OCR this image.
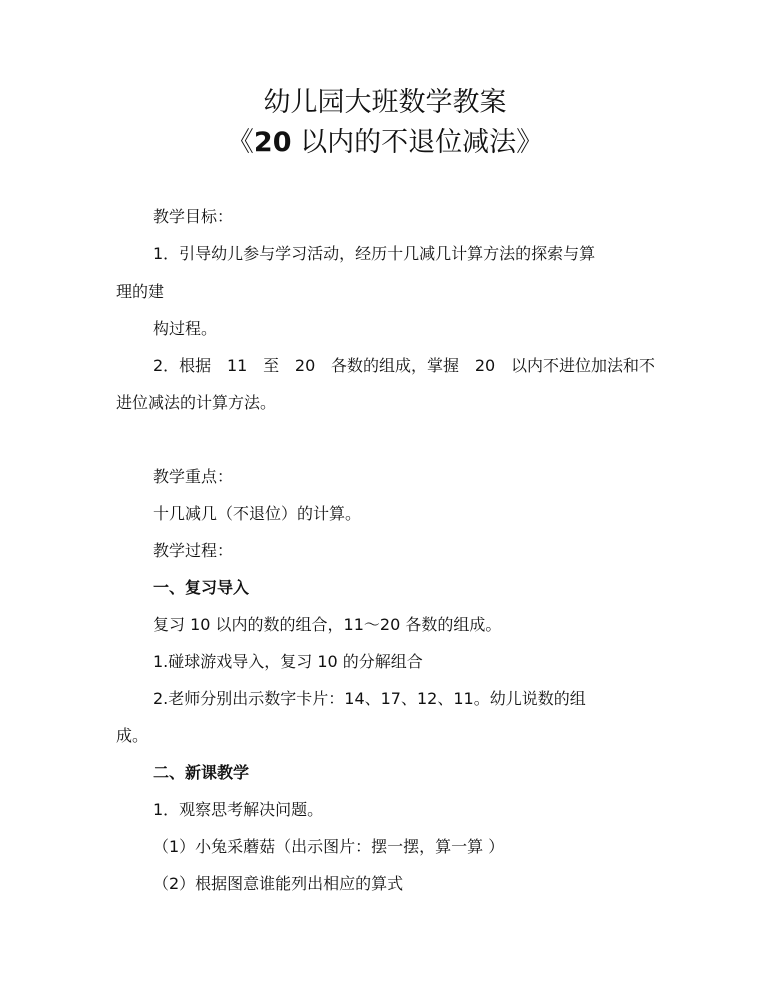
幼儿园大班数学教案
《20 以内的不退位减法》
教学目标：
1．引导幼儿参与学习活动，经历十几减几计算方法的探索与算
理的建
构过程。
2．根据 11 至 20 各数的组成，掌握 20 以内不进位加法和不
进位减法的计算方法。
教学重点：
十几减几（不退位）的计算。
教学过程：
一、复习导入
复习 10 以内的数的组合，11～20 各数的组成。
1.碰球游戏导入，复习 10 的分解组合
2.老师分别出示数字卡片：14、17、12、11。幼儿说数的组
成。
二、新课教学
1．观察思考解决问题。
（1）小兔采蘑菇（出示图片：摆一摆，算一算 ）
（2）根据图意谁能列出相应的算式
